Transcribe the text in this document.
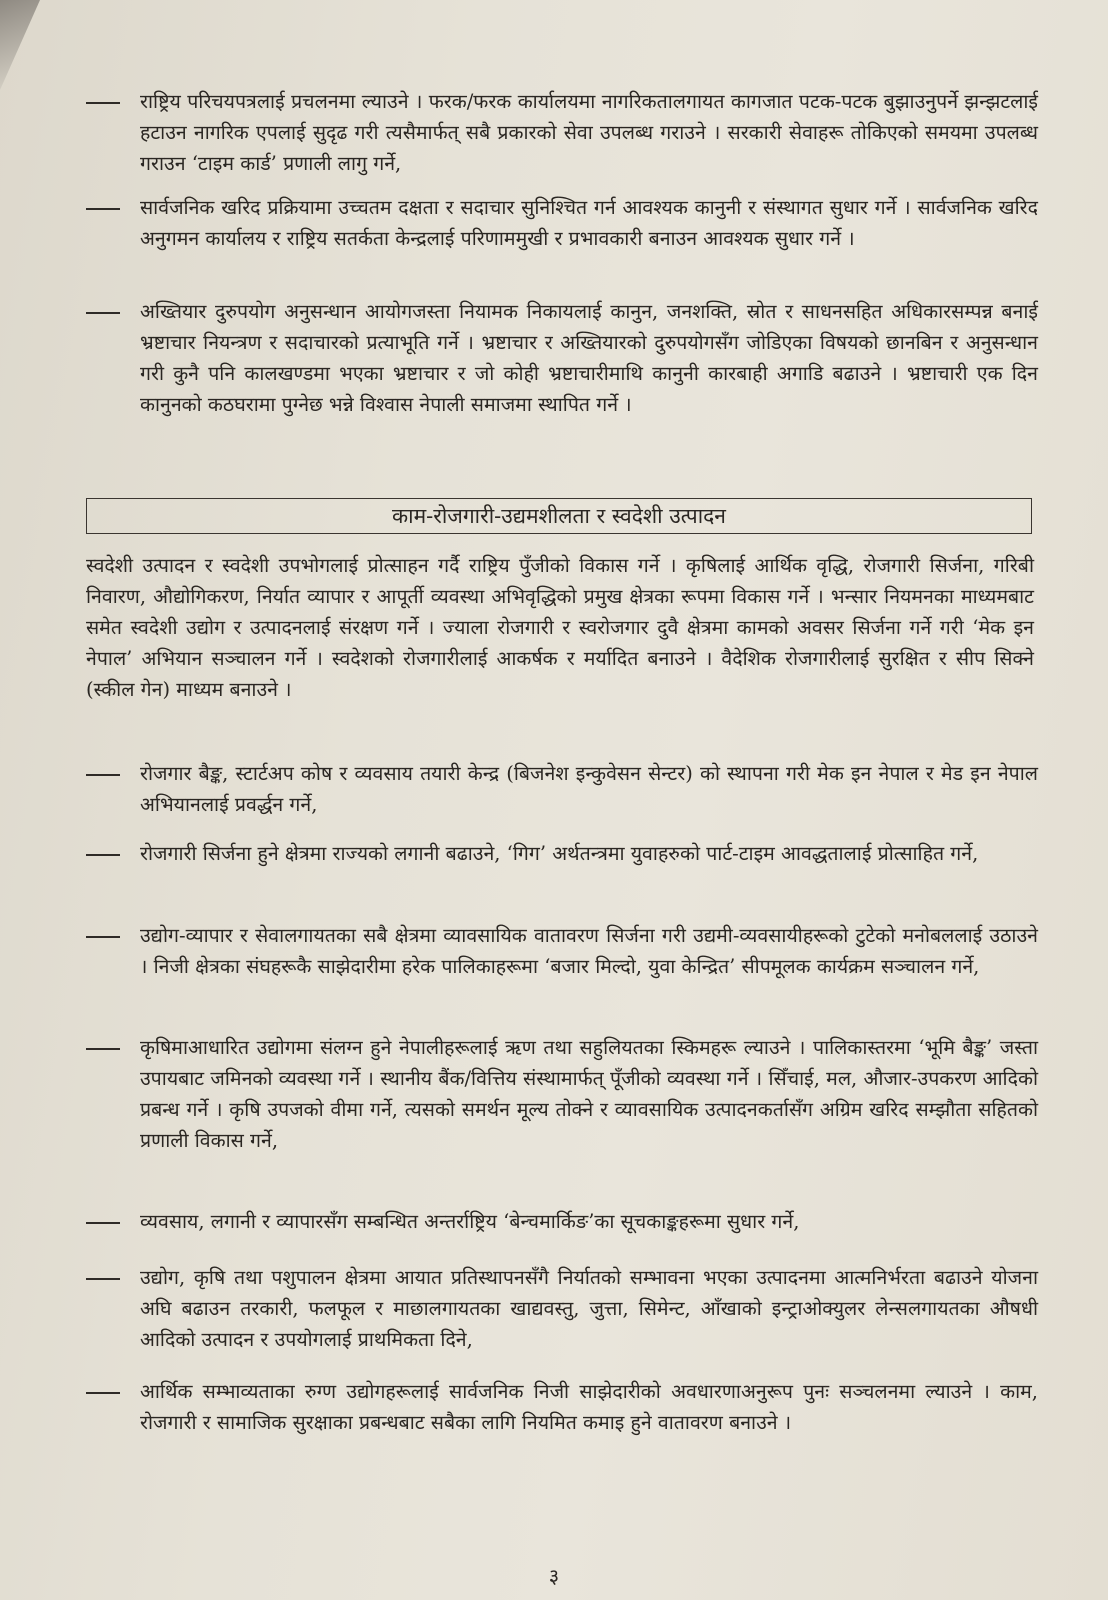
राष्ट्रिय परिचयपत्रलाई प्रचलनमा ल्याउने । फरक/फरक कार्यालयमा नागरिकतालगायत कागजात पटक-पटक बुझाउनुपर्ने झन्झटलाई हटाउन नागरिक एपलाई सुदृढ गरी त्यसैमार्फत् सबै प्रकारको सेवा उपलब्ध गराउने । सरकारी सेवाहरू तोकिएको समयमा उपलब्ध गराउन ‘टाइम कार्ड’ प्रणाली लागु गर्ने,
सार्वजनिक खरिद प्रक्रियामा उच्चतम दक्षता र सदाचार सुनिश्चित गर्न आवश्यक कानुनी र संस्थागत सुधार गर्ने । सार्वजनिक खरिद अनुगमन कार्यालय र राष्ट्रिय सतर्कता केन्द्रलाई परिणाममुखी र प्रभावकारी बनाउन आवश्यक सुधार गर्ने ।
अख्तियार दुरुपयोग अनुसन्धान आयोगजस्ता नियामक निकायलाई कानुन, जनशक्ति, स्रोत र साधनसहित अधिकारसम्पन्न बनाई भ्रष्टाचार नियन्त्रण र सदाचारको प्रत्याभूति गर्ने । भ्रष्टाचार र अख्तियारको दुरुपयोगसँग जोडिएका विषयको छानबिन र अनुसन्धान गरी कुनै पनि कालखण्डमा भएका भ्रष्टाचार र जो कोही भ्रष्टाचारीमाथि कानुनी कारबाही अगाडि बढाउने । भ्रष्टाचारी एक दिन कानुनको कठघरामा पुग्नेछ भन्ने विश्वास नेपाली समाजमा स्थापित गर्ने ।
काम-रोजगारी-उद्यमशीलता र स्वदेशी उत्पादन
स्वदेशी उत्पादन र स्वदेशी उपभोगलाई प्रोत्साहन गर्दै राष्ट्रिय पुँजीको विकास गर्ने । कृषिलाई आर्थिक वृद्धि, रोजगारी सिर्जना, गरिबी निवारण, औद्योगिकरण, निर्यात व्यापार र आपूर्ती व्यवस्था अभिवृद्धिको प्रमुख क्षेत्रका रूपमा विकास गर्ने । भन्सार नियमनका माध्यमबाट समेत स्वदेशी उद्योग र उत्पादनलाई संरक्षण गर्ने । ज्याला रोजगारी र स्वरोजगार दुवै क्षेत्रमा कामको अवसर सिर्जना गर्ने गरी ‘मेक इन नेपाल’ अभियान सञ्चालन गर्ने । स्वदेशको रोजगारीलाई आकर्षक र मर्यादित बनाउने । वैदेशिक रोजगारीलाई सुरक्षित र सीप सिक्ने (स्कील गेन) माध्यम बनाउने ।
रोजगार बैङ्क, स्टार्टअप कोष र व्यवसाय तयारी केन्द्र (बिजनेश इन्कुवेसन सेन्टर) को स्थापना गरी मेक इन नेपाल र मेड इन नेपाल अभियानलाई प्रवर्द्धन गर्ने,
रोजगारी सिर्जना हुने क्षेत्रमा राज्यको लगानी बढाउने, ‘गिग’ अर्थतन्त्रमा युवाहरुको पार्ट-टाइम आवद्धतालाई प्रोत्साहित गर्ने,
उद्योग-व्यापार र सेवालगायतका सबै क्षेत्रमा व्यावसायिक वातावरण सिर्जना गरी उद्यमी-व्यवसायीहरूको टुटेको मनोबललाई उठाउने । निजी क्षेत्रका संघहरूकै साझेदारीमा हरेक पालिकाहरूमा ‘बजार मिल्दो, युवा केन्द्रित’ सीपमूलक कार्यक्रम सञ्चालन गर्ने,
कृषिमाआधारित उद्योगमा संलग्न हुने नेपालीहरूलाई ऋण तथा सहुलियतका स्किमहरू ल्याउने । पालिकास्तरमा ‘भूमि बैङ्क’ जस्ता उपायबाट जमिनको व्यवस्था गर्ने । स्थानीय बैंक/वित्तिय संस्थामार्फत् पूँजीको व्यवस्था गर्ने । सिँचाई, मल, औजार-उपकरण आदिको प्रबन्ध गर्ने । कृषि उपजको वीमा गर्ने, त्यसको समर्थन मूल्य तोक्ने र व्यावसायिक उत्पादनकर्तासँग अग्रिम खरिद सम्झौता सहितको प्रणाली विकास गर्ने,
व्यवसाय, लगानी र व्यापारसँग सम्बन्धित अन्तर्राष्ट्रिय ‘बेन्चमार्किङ’का सूचकाङ्कहरूमा सुधार गर्ने,
उद्योग, कृषि तथा पशुपालन क्षेत्रमा आयात प्रतिस्थापनसँगै निर्यातको सम्भावना भएका उत्पादनमा आत्मनिर्भरता बढाउने योजना अघि बढाउन तरकारी, फलफूल र माछालगायतका खाद्यवस्तु, जुत्ता, सिमेन्ट, आँखाको इन्ट्राओक्युलर लेन्सलगायतका औषधी आदिको उत्पादन र उपयोगलाई प्राथमिकता दिने,
आर्थिक सम्भाव्यताका रुग्ण उद्योगहरूलाई सार्वजनिक निजी साझेदारीको अवधारणाअनुरूप पुनः सञ्चलनमा ल्याउने । काम, रोजगारी र सामाजिक सुरक्षाका प्रबन्धबाट सबैका लागि नियमित कमाइ हुने वातावरण बनाउने ।
३
